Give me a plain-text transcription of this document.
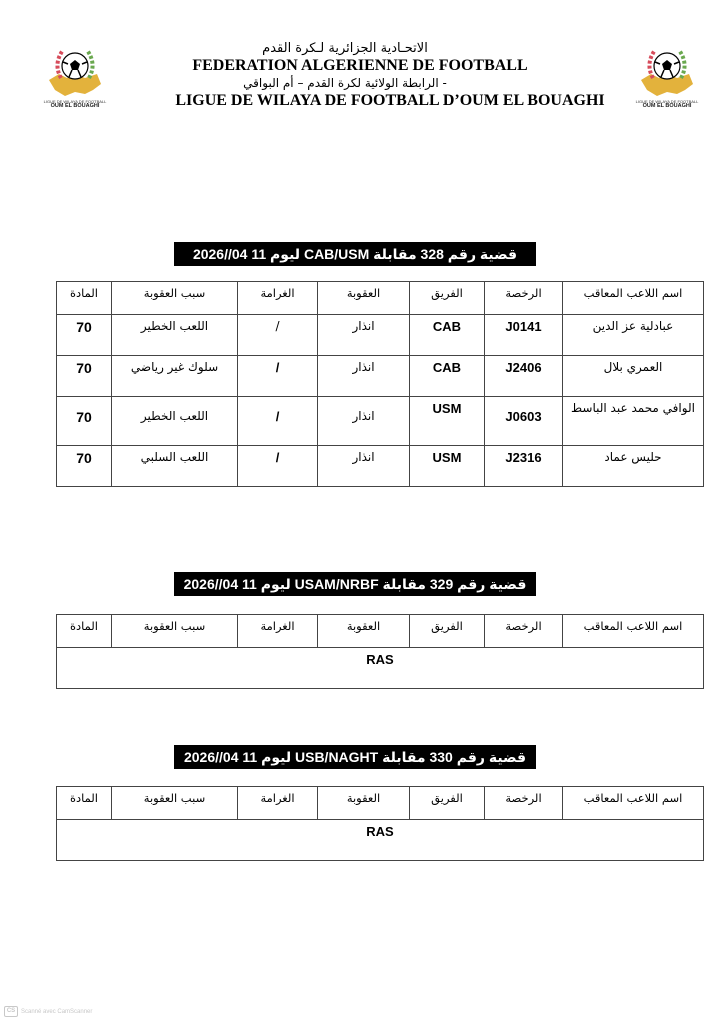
LIGUE DE WILAYA DE FOOTBALL
OUM EL BOUAGHI
LIGUE DE WILAYA DE FOOTBALL
OUM EL BOUAGHI
الاتحـادية الجزائرية لـكرة القدم
FEDERATION ALGERIENNE DE FOOTBALL
- الرابطة الولائية لكرة القدم – أم البواقي
LIGUE DE WILAYA DE FOOTBALL D’OUM EL BOUAGHI
قضية رقم 328 مقابلة CAB/USM ليوم 11 04//2026
اسم اللاعب المعاقب	الرخصة	الفريق	العقوبة	الغرامة	سبب العقوبة	المادة
عبادلية عز الدين	J0141	CAB	انذار	/	اللعب الخطير	70
العمري بلال	J2406	CAB	انذار	/	سلوك غير رياضي	70
الوافي محمد عبد الباسط	J0603	USM	انذار	/	اللعب الخطير	70
حليس عماد	J2316	USM	انذار	/	اللعب السلبي	70
قضية رقم 329 مقابلة USAM/NRBF ليوم 11 04//2026
اسم اللاعب المعاقب	الرخصة	الفريق	العقوبة	الغرامة	سبب العقوبة	المادة
RAS
قضية رقم 330 مقابلة USB/NAGHT ليوم 11 04//2026
اسم اللاعب المعاقب	الرخصة	الفريق	العقوبة	الغرامة	سبب العقوبة	المادة
RAS
CS Scanné avec CamScanner
